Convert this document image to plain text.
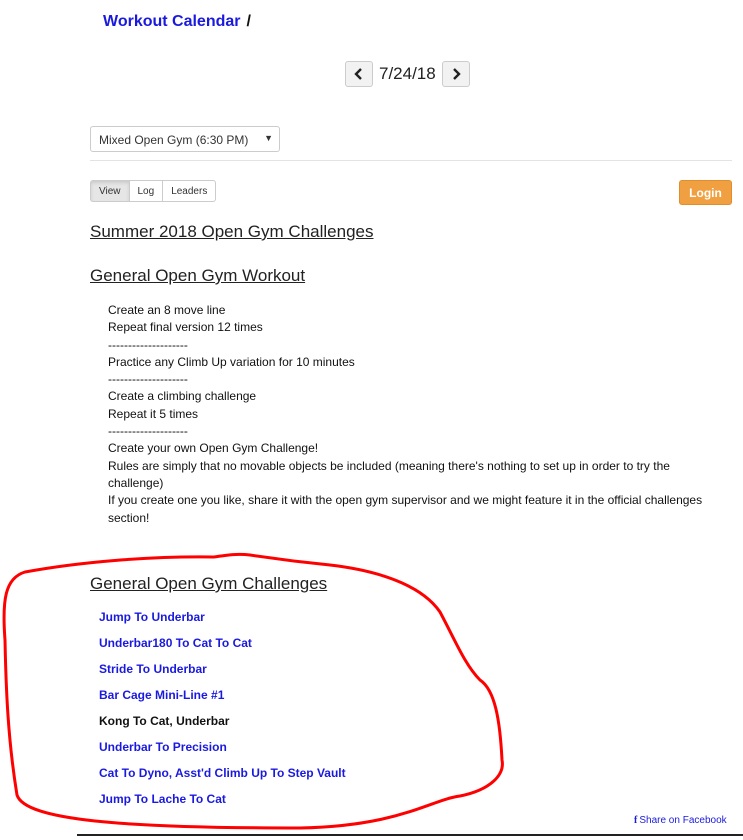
Workout Calendar /
7/24/18
Mixed Open Gym (6:30 PM) ▼
View	Log	Leaders	Login
Summer 2018 Open Gym Challenges
General Open Gym Workout

Create an 8 move line

Repeat final version 12 times

--------------------

Practice any Climb Up variation for 10 minutes

--------------------

Create a climbing challenge

Repeat it 5 times

--------------------

Create your own Open Gym Challenge!

Rules are simply that no movable objects be included (meaning there's nothing to set up in order to try the challenge)

If you create one you like, share it with the open gym supervisor and we might feature it in the official challenges section!

General Open Gym Challenges
Jump To Underbar
Underbar180 To Cat To Cat
Stride To Underbar
Bar Cage Mini-Line #1
Kong To Cat, Underbar
Underbar To Precision
Cat To Dyno, Asst'd Climb Up To Step Vault
Jump To Lache To Cat
f Share on Facebook
